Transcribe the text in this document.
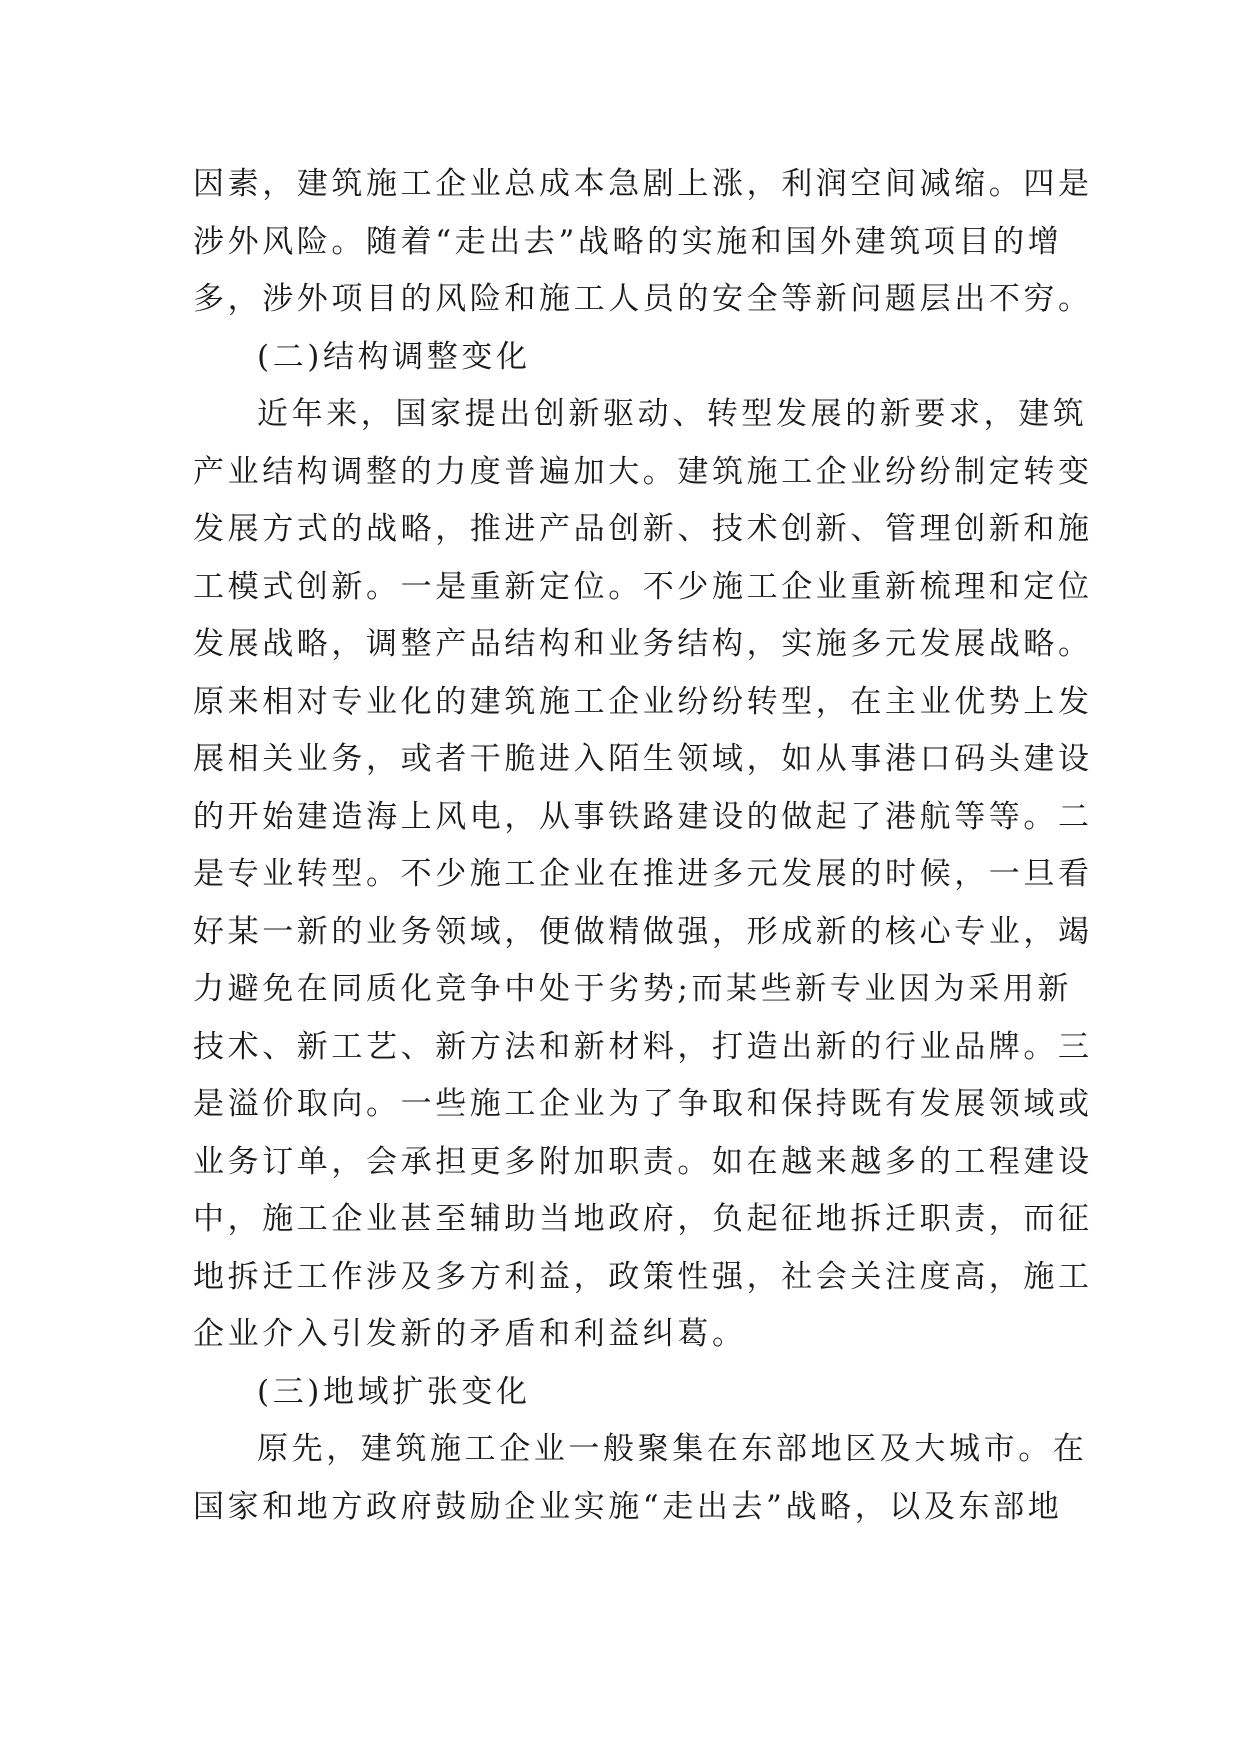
因素，建筑施工企业总成本急剧上涨，利润空间减缩。四是
涉外风险。随着“走出去”战略的实施和国外建筑项目的增
多，涉外项目的风险和施工人员的安全等新问题层出不穷。
(二)结构调整变化
近年来，国家提出创新驱动、转型发展的新要求，建筑
产业结构调整的力度普遍加大。建筑施工企业纷纷制定转变
发展方式的战略，推进产品创新、技术创新、管理创新和施
工模式创新。一是重新定位。不少施工企业重新梳理和定位
发展战略，调整产品结构和业务结构，实施多元发展战略。
原来相对专业化的建筑施工企业纷纷转型，在主业优势上发
展相关业务，或者干脆进入陌生领域，如从事港口码头建设
的开始建造海上风电，从事铁路建设的做起了港航等等。二
是专业转型。不少施工企业在推进多元发展的时候，一旦看
好某一新的业务领域，便做精做强，形成新的核心专业，竭
力避免在同质化竞争中处于劣势;而某些新专业因为采用新
技术、新工艺、新方法和新材料，打造出新的行业品牌。三
是溢价取向。一些施工企业为了争取和保持既有发展领域或
业务订单，会承担更多附加职责。如在越来越多的工程建设
中，施工企业甚至辅助当地政府，负起征地拆迁职责，而征
地拆迁工作涉及多方利益，政策性强，社会关注度高，施工
企业介入引发新的矛盾和利益纠葛。
(三)地域扩张变化
原先，建筑施工企业一般聚集在东部地区及大城市。在
国家和地方政府鼓励企业实施“走出去”战略，以及东部地
